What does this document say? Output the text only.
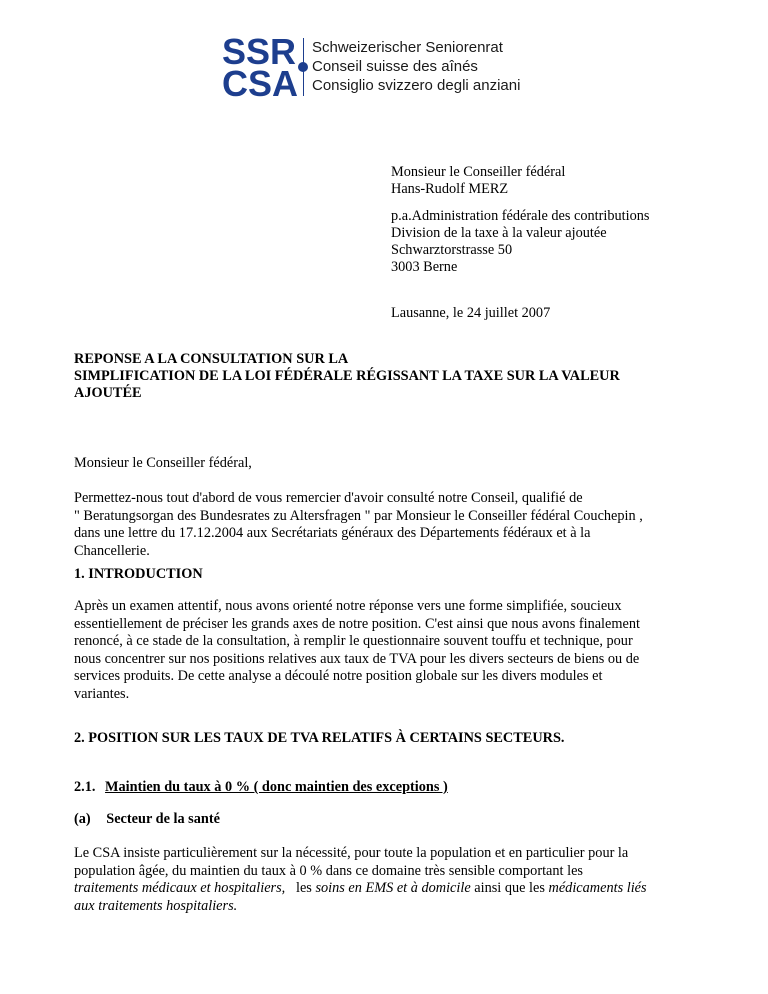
SSR
CSA
Schweizerischer Seniorenrat
Conseil suisse des aînés
Consiglio svizzero degli anziani
Monsieur le Conseiller fédéral
Hans-Rudolf MERZ
p.a.Administration fédérale des contributions
Division de la taxe à la valeur ajoutée
Schwarztorstrasse 50
3003 Berne
Lausanne, le 24 juillet 2007
REPONSE A LA CONSULTATION SUR LA
SIMPLIFICATION DE LA LOI FÉDÉRALE RÉGISSANT LA TAXE SUR LA VALEUR
AJOUTÉE
Monsieur le Conseiller fédéral,
Permettez-nous tout d'abord de vous remercier d'avoir consulté notre Conseil, qualifié de
" Beratungsorgan des Bundesrates zu Altersfragen " par Monsieur le Conseiller fédéral Couchepin ,
dans une lettre du 17.12.2004 aux Secrétariats généraux des Départements fédéraux et à la
Chancellerie.
1. INTRODUCTION
Après un examen attentif, nous avons orienté notre réponse vers une forme simplifiée, soucieux
essentiellement de préciser les grands axes de notre position. C'est ainsi que nous avons finalement
renoncé, à ce stade de la consultation, à remplir le questionnaire souvent touffu et technique, pour
nous concentrer sur nos positions relatives aux taux de TVA pour les divers secteurs de biens ou de
services produits. De cette analyse a découlé notre position globale sur les divers modules et
variantes.
2. POSITION SUR LES TAUX DE TVA RELATIFS À CERTAINS SECTEURS.
2.1. Maintien du taux à 0 % ( donc maintien des exceptions )
(a) Secteur de la santé
Le CSA insiste particulièrement sur la nécessité, pour toute la population et en particulier pour la
population âgée, du maintien du taux à 0 % dans ce domaine très sensible comportant les
traitements médicaux et hospitaliers,   les soins en EMS et à domicile ainsi que les médicaments liés
aux traitements hospitaliers.
